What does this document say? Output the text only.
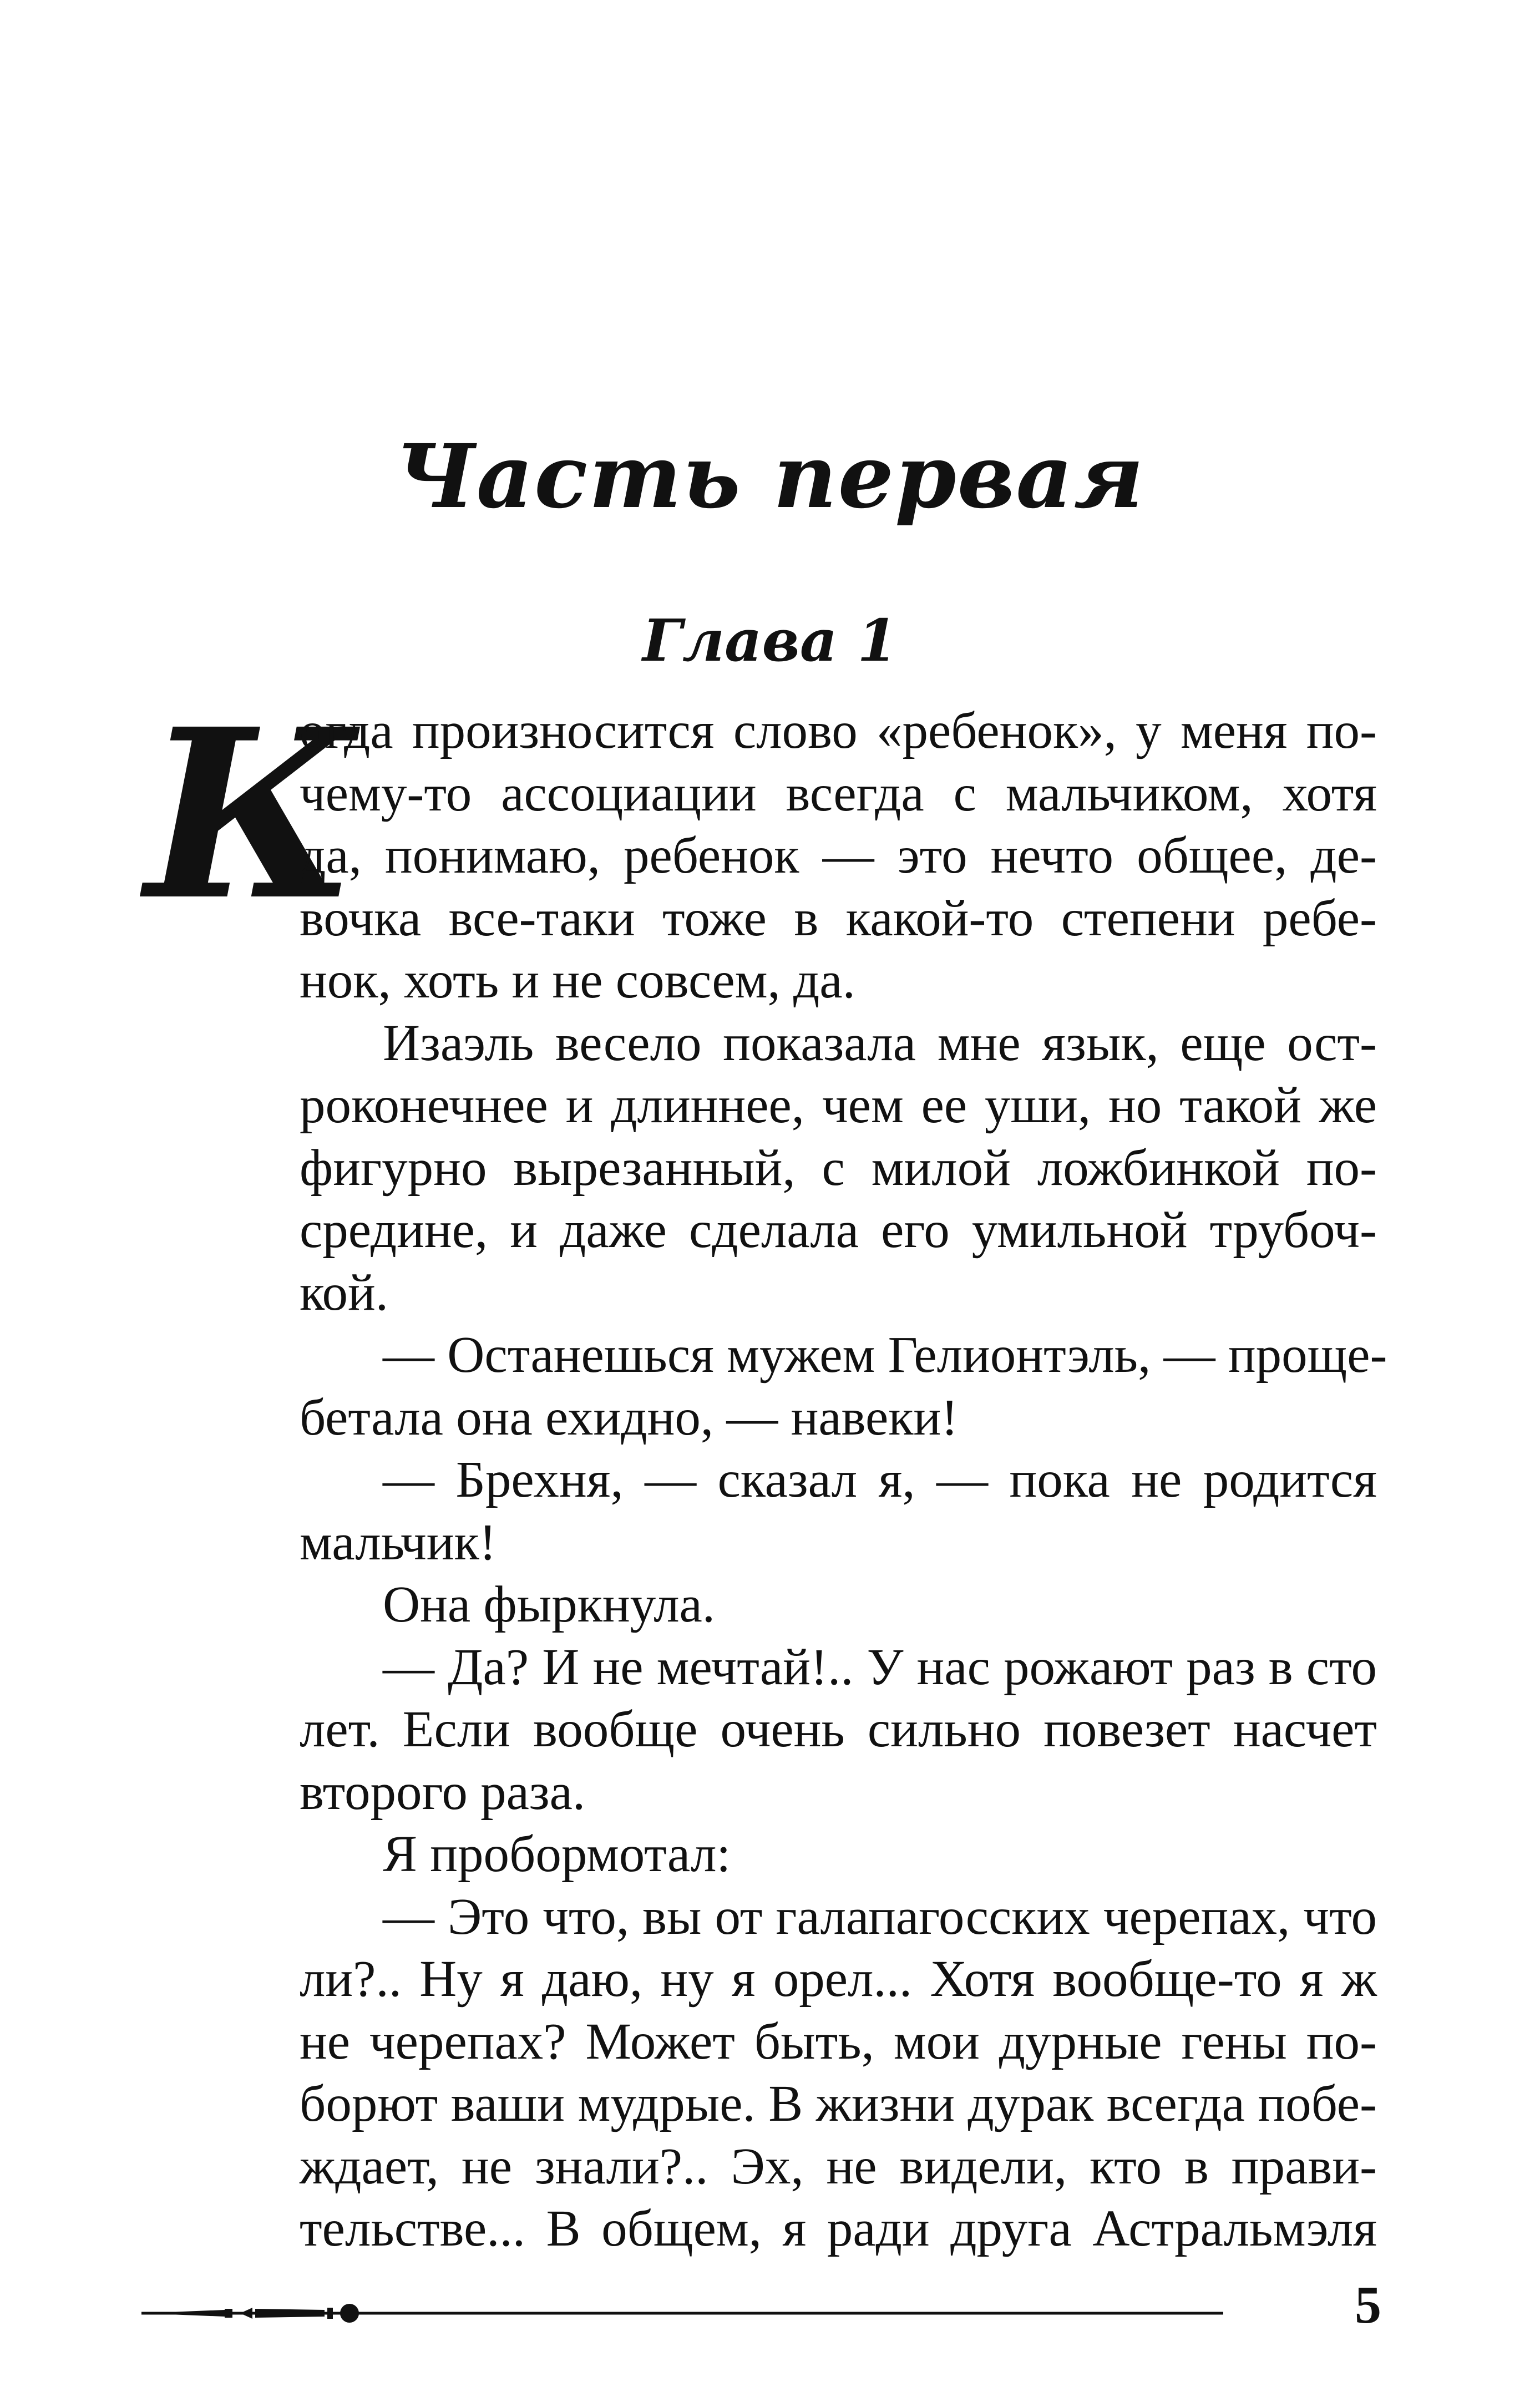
Часть первая
Глава 1
К
огда произносится слово «ребенок», у меня по-
чему-то ассоциации всегда с мальчиком, хотя
да, понимаю, ребенок — это нечто общее, де-
вочка все-таки тоже в какой-то степени ребе-
нок, хоть и не совсем, да.
Изаэль весело показала мне язык, еще ост-
роконечнее и длиннее, чем ее уши, но такой же
фигурно вырезанный, с милой ложбинкой по-
средине, и даже сделала его умильной трубоч-
кой.
— Останешься мужем Гелионтэль, — проще-
бетала она ехидно, — навеки!
— Брехня, — сказал я, — пока не родится
мальчик!
Она фыркнула.
— Да? И не мечтай!.. У нас рожают раз в сто
лет. Если вообще очень сильно повезет насчет
второго раза.
Я пробормотал:
— Это что, вы от галапагосских черепах, что
ли?.. Ну я даю, ну я орел... Хотя вообще-то я ж
не черепах? Может быть, мои дурные гены по-
борют ваши мудрые. В жизни дурак всегда побе-
ждает, не знали?.. Эх, не видели, кто в прави-
тельстве... В общем, я ради друга Астральмэля
5
